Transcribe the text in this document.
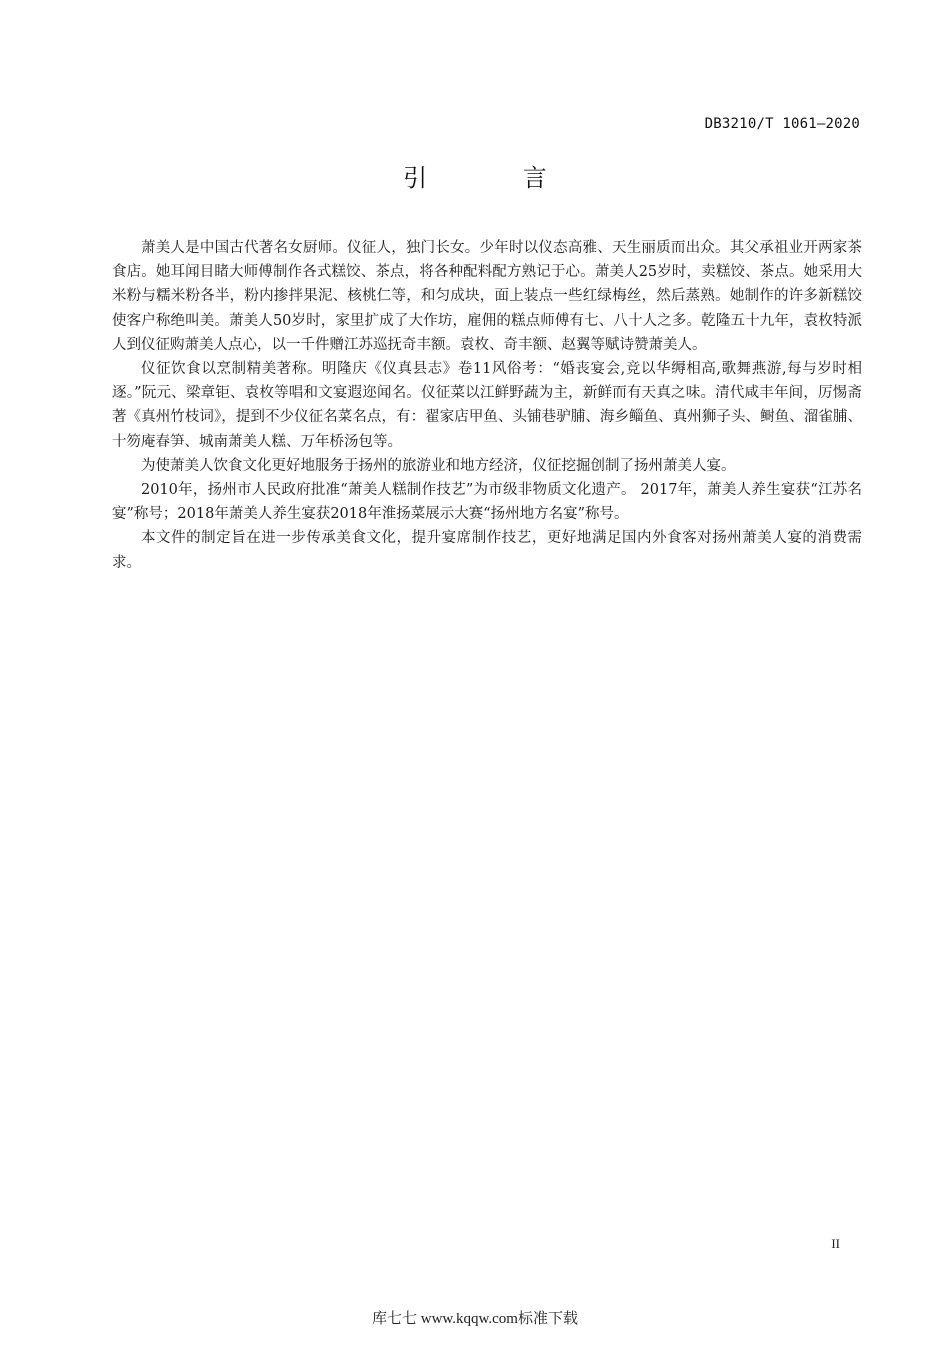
DB3210/T 1061—2020
引 言

萧美人是中国古代著名女厨师。仪征人，独门长女。少年时以仪态高雅、天生丽质而出众。其父承祖业开两家茶食店。她耳闻目睹大师傅制作各式糕饺、茶点，将各种配料配方熟记于心。萧美人25岁时，卖糕饺、茶点。她采用大米粉与糯米粉各半，粉内掺拌果泥、核桃仁等，和匀成块，面上装点一些红绿梅丝，然后蒸熟。她制作的许多新糕饺使客户称绝叫美。萧美人50岁时，家里扩成了大作坊，雇佣的糕点师傅有七、八十人之多。乾隆五十九年，袁枚特派人到仪征购萧美人点心，以一千件赠江苏巡抚奇丰额。袁枚、奇丰额、赵翼等赋诗赞萧美人。

仪征饮食以烹制精美著称。明隆庆《仪真县志》卷11风俗考：“婚丧宴会,竞以华缛相高,歌舞燕游,每与岁时相逐。”阮元、梁章钜、袁枚等唱和文宴遐迩闻名。仪征菜以江鲜野蔬为主，新鲜而有天真之味。清代咸丰年间，厉惕斋著《真州竹枝词》，提到不少仪征名菜名点，有：翟家店甲鱼、头铺巷驴脯、海乡鲻鱼、真州狮子头、鲥鱼、溜雀脯、十笏庵春笋、城南萧美人糕、万年桥汤包等。

为使萧美人饮食文化更好地服务于扬州的旅游业和地方经济，仪征挖掘创制了扬州萧美人宴。

2010年，扬州市人民政府批准“萧美人糕制作技艺”为市级非物质文化遗产。 2017年，萧美人养生宴获“江苏名宴”称号；2018年萧美人养生宴获2018年淮扬菜展示大赛“扬州地方名宴”称号。

本文件的制定旨在进一步传承美食文化，提升宴席制作技艺，更好地满足国内外食客对扬州萧美人宴的消费需求。

II
库七七 www.kqqw.com标准下载
